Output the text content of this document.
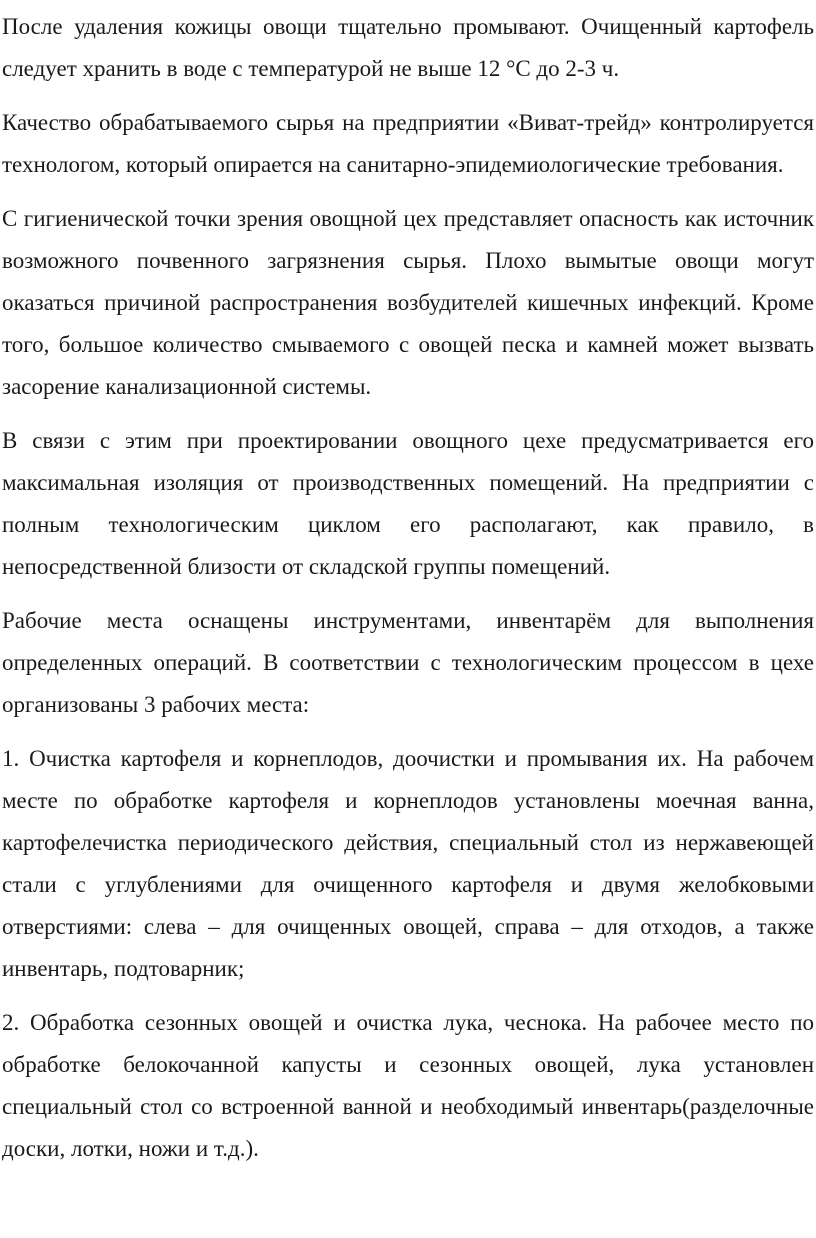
После удаления кожицы овощи тщательно промывают. Очищенный картофель следует хранить в воде с температурой не выше 12 °С до 2-3 ч.

Качество обрабатываемого сырья на предприятии «Виват-трейд» контролируется технологом, который опирается на санитарно-эпидемиологические требования.

С гигиенической точки зрения овощной цех представляет опасность как источник возможного почвенного загрязнения сырья. Плохо вымытые овощи могут оказаться причиной распространения возбудителей кишечных инфекций. Кроме того, большое количество смываемого с овощей песка и камней может вызвать засорение канализационной системы.

В связи с этим при проектировании овощного цехе предусматривается его максимальная изоляция от производственных помещений. На предприятии с полным технологическим циклом его располагают, как правило, в непосредственной близости от складской группы помещений.

Рабочие места оснащены инструментами, инвентарём для выполнения определенных операций. В соответствии с технологическим процессом в цехе организованы 3 рабочих места:

1. Очистка картофеля и корнеплодов, доочистки и промывания их. На рабочем месте по обработке картофеля и корнеплодов установлены моечная ванна, картофелечистка периодического действия, специальный стол из нержавеющей стали с углублениями для очищенного картофеля и двумя желобковыми отверстиями: слева – для очищенных овощей, справа – для отходов, а также инвентарь, подтоварник;

2. Обработка сезонных овощей и очистка лука, чеснока. На рабочее место по обработке белокочанной капусты и сезонных овощей, лука установлен специальный стол со встроенной ванной и необходимый инвентарь(разделочные доски, лотки, ножи и т.д.).
